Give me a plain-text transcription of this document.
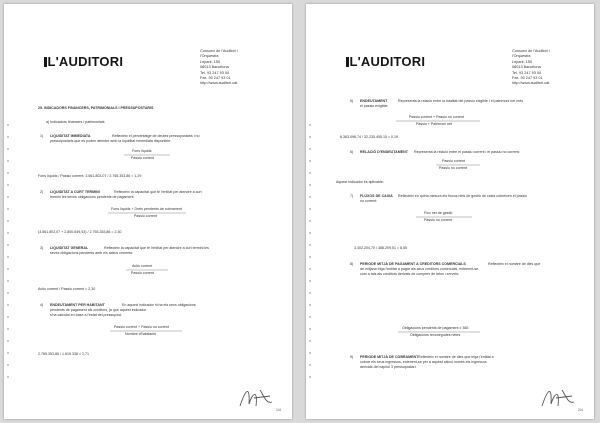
L'AUDITORI
Consorci de l'Auditori i
l'Orquestra
Lepant, 150
08013 Barcelona
Tel. 93 247 93 00
Fax. 93 247 93 01
http://www.auditori.cat
25. INDICADORS FINANCERS, PATRIMONIALS I PRESSUPOSTARIS
a) Indicadors financers i patrimonials
1) LIQUIDITAT IMMEDIATA	Reflecteix el percentatge de deutes pressupostaris i no
pressupostaris que es poden atendre amb la liquiditat immediata disponible:
Fons líquids
Passiu corrent
Fons líquids / Passiu corrent: 3.561.803,07 / 2.765.353,86 = 1,29
2) LIQUIDITAT A CURT TERMINI	Reflecteix la capacitat que té l'entitat per atendre a curt
termini les seves obligacions pendents de pagament.
Fons líquids + Drets pendents de cobrament
Passiu corrent
(3.561.803,07 + 2.800.649,53) / 2.765.353,86 = 2,30
3) LIQUIDITAT GENERAL	Reflecteix la capacitat que té l'entitat per atendre a curt termini les
seves obligacions pendents amb els actius corrents:
Actiu corrent
Passiu corrent
Actiu corrent / Passiu corrent = 2,30
4) ENDEUTAMENT PER HABITANT	En aquest indicador hi ha els seus obligacions
pendents de pagament als creditors, ja que aquest indicador
s'ha calculat en base a l'estat del pressupost.
Passiu corrent + Passiu no corrent
Nombre d'habitants
2.765.353,86 / 1.619.338 = 1,71
1/4
L'AUDITORI
Consorci de l'Auditori i
l'Orquestra
Lepant, 150
08013 Barcelona
Tel. 93 247 93 00
Fax. 93 247 93 01
http://www.auditori.cat
5) ENDEUTAMENT	Representa la relació entre la totalitat del passiu exigible i el patrimoni net més
el passiu exigible:
Passiu corrent + Passiu no corrent
Passiu + Patrimoni net
6.363.096,74 / 32.235.455,15 = 0,19
6) RELACIÓ D'ENDEUTAMENT Representa la relació entre el passiu corrent i el passiu no corrent:
Passiu corrent
Passiu no corrent
Aquest indicador és aplicable:
7) FLUXOS DE CAIXA Reflecteix en quina mesura els fluxos nets de gestió de caixa cobreixen el passiu
no corrent:
Flux net de gestió
Passiu no corrent
3.302.204,70 / 386.209,51 = 8,55
8) PERIODE MITJÀ DE PAGAMENT A CREDITORS COMERCIALS	Reflecteix el nombre de dies que
de mitjana triga l'entitat a pagar als seus creditors comercials, entenent-se
com a tals als creditors derivats de compres de béns i serveis:
Obligacions pendents de pagament x 365
Obligacions reconegudes netes
9) PERIODE MITJÀ DE COBRAMENT Reflecteix el nombre de dies que triga l'entitat a
cobrar els seus ingressos, entenent-se per a aquest càlcul només els ingressos
derivats del capítol 3 pressupostari.
2/4
